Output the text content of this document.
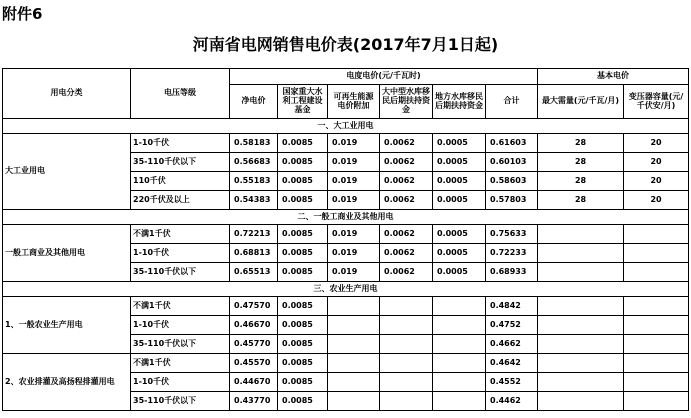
附件6
河南省电网销售电价表(2017年7月1日起)
用电分类	电压等级	电度电价(元/千瓦时)						基本电价	
		净电价	国家重大水利工程建设基金	可再生能源电价附加	大中型水库移民后期扶持资金	地方水库移民后期扶持资金	合计	最大需量(元/千瓦/月)	变压器容量(元/千伏安/月)
一、大工业用电									
大工业用电	1-10千伏	0.58183	0.0085	0.019	0.0062	0.0005	0.61603	28	20
	35-110千伏以下	0.56683	0.0085	0.019	0.0062	0.0005	0.60103	28	20
	110千伏	0.55183	0.0085	0.019	0.0062	0.0005	0.58603	28	20
	220千伏及以上	0.54383	0.0085	0.019	0.0062	0.0005	0.57803	28	20
二、一般工商业及其他用电									
一般工商业及其他用电	不满1千伏	0.72213	0.0085	0.019	0.0062	0.0005	0.75633		
	1-10千伏	0.68813	0.0085	0.019	0.0062	0.0005	0.72233		
	35-110千伏以下	0.65513	0.0085	0.019	0.0062	0.0005	0.68933		
三、农业生产用电									
1、一般农业生产用电	不满1千伏	0.47570	0.0085				0.4842		
	1-10千伏	0.46670	0.0085				0.4752		
	35-110千伏以下	0.45770	0.0085				0.4662		
2、农业排灌及高扬程排灌用电	不满1千伏	0.45570	0.0085				0.4642		
	1-10千伏	0.44670	0.0085				0.4552		
	35-110千伏以下	0.43770	0.0085				0.4462		
